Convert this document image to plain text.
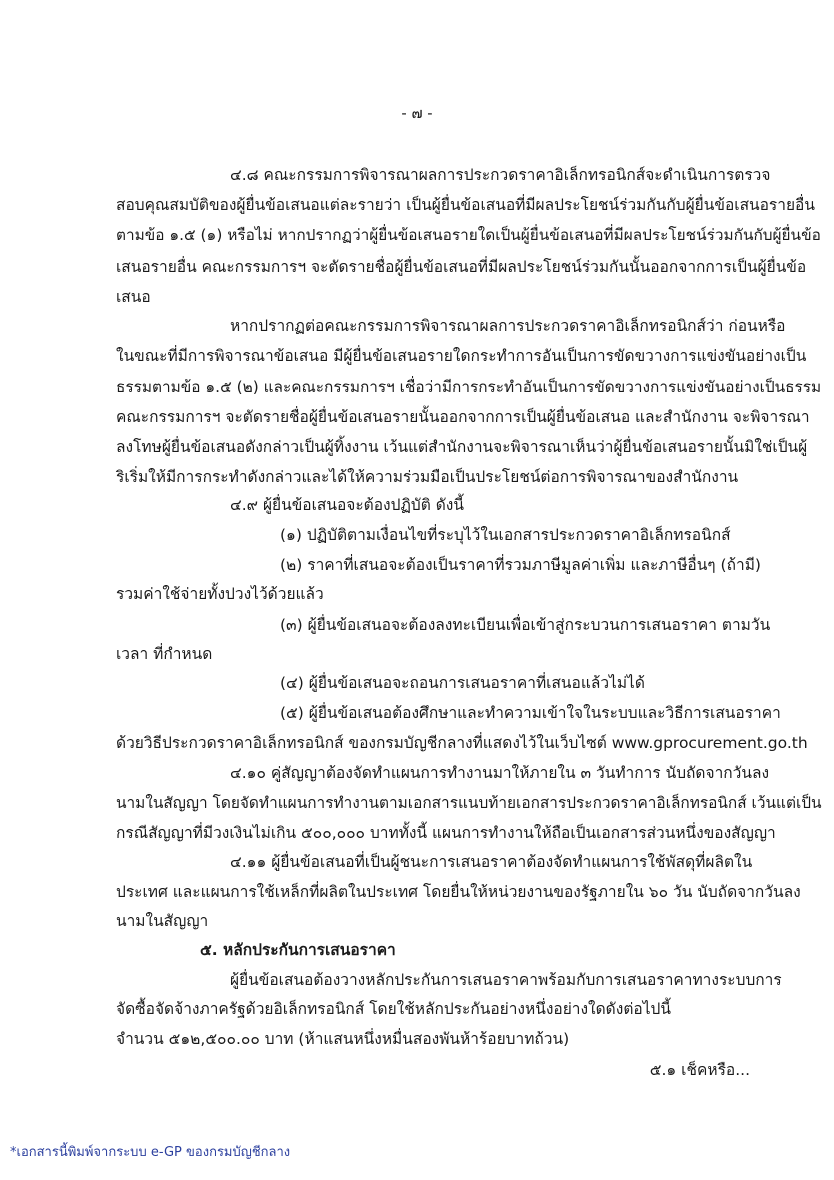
- ๗ -
๔.๘ คณะกรรมการพิจารณาผลการประกวดราคาอิเล็กทรอนิกส์จะดำเนินการตรวจ
สอบคุณสมบัติของผู้ยื่นข้อเสนอแต่ละรายว่า เป็นผู้ยื่นข้อเสนอที่มีผลประโยชน์ร่วมกันกับผู้ยื่นข้อเสนอรายอื่น
ตามข้อ ๑.๕ (๑) หรือไม่ หากปรากฏว่าผู้ยื่นข้อเสนอรายใดเป็นผู้ยื่นข้อเสนอที่มีผลประโยชน์ร่วมกันกับผู้ยื่นข้อ
เสนอรายอื่น คณะกรรมการฯ จะตัดรายชื่อผู้ยื่นข้อเสนอที่มีผลประโยชน์ร่วมกันนั้นออกจากการเป็นผู้ยื่นข้อ
เสนอ
หากปรากฏต่อคณะกรรมการพิจารณาผลการประกวดราคาอิเล็กทรอนิกส์ว่า ก่อนหรือ
ในขณะที่มีการพิจารณาข้อเสนอ มีผู้ยื่นข้อเสนอรายใดกระทำการอันเป็นการขัดขวางการแข่งขันอย่างเป็น
ธรรมตามข้อ ๑.๕ (๒) และคณะกรรมการฯ เชื่อว่ามีการกระทำอันเป็นการขัดขวางการแข่งขันอย่างเป็นธรรม
คณะกรรมการฯ จะตัดรายชื่อผู้ยื่นข้อเสนอรายนั้นออกจากการเป็นผู้ยื่นข้อเสนอ และสำนักงาน จะพิจารณา
ลงโทษผู้ยื่นข้อเสนอดังกล่าวเป็นผู้ทิ้งงาน เว้นแต่สำนักงานจะพิจารณาเห็นว่าผู้ยื่นข้อเสนอรายนั้นมิใช่เป็นผู้
ริเริ่มให้มีการกระทำดังกล่าวและได้ให้ความร่วมมือเป็นประโยชน์ต่อการพิจารณาของสำนักงาน
๔.๙ ผู้ยื่นข้อเสนอจะต้องปฏิบัติ ดังนี้
(๑) ปฏิบัติตามเงื่อนไขที่ระบุไว้ในเอกสารประกวดราคาอิเล็กทรอนิกส์
(๒) ราคาที่เสนอจะต้องเป็นราคาที่รวมภาษีมูลค่าเพิ่ม และภาษีอื่นๆ (ถ้ามี)
รวมค่าใช้จ่ายทั้งปวงไว้ด้วยแล้ว
(๓) ผู้ยื่นข้อเสนอจะต้องลงทะเบียนเพื่อเข้าสู่กระบวนการเสนอราคา ตามวัน
เวลา ที่กำหนด
(๔) ผู้ยื่นข้อเสนอจะถอนการเสนอราคาที่เสนอแล้วไม่ได้
(๕) ผู้ยื่นข้อเสนอต้องศึกษาและทำความเข้าใจในระบบและวิธีการเสนอราคา
ด้วยวิธีประกวดราคาอิเล็กทรอนิกส์ ของกรมบัญชีกลางที่แสดงไว้ในเว็บไซต์ www.gprocurement.go.th
๔.๑๐ คู่สัญญาต้องจัดทำแผนการทำงานมาให้ภายใน ๓ วันทำการ นับถัดจากวันลง
นามในสัญญา โดยจัดทำแผนการทำงานตามเอกสารแนบท้ายเอกสารประกวดราคาอิเล็กทรอนิกส์ เว้นแต่เป็น
กรณีสัญญาที่มีวงเงินไม่เกิน ๕๐๐,๐๐๐ บาททั้งนี้ แผนการทำงานให้ถือเป็นเอกสารส่วนหนึ่งของสัญญา
๔.๑๑ ผู้ยื่นข้อเสนอที่เป็นผู้ชนะการเสนอราคาต้องจัดทำแผนการใช้พัสดุที่ผลิตใน
ประเทศ และแผนการใช้เหล็กที่ผลิตในประเทศ โดยยื่นให้หน่วยงานของรัฐภายใน ๖๐ วัน นับถัดจากวันลง
นามในสัญญา
๕. หลักประกันการเสนอราคา
ผู้ยื่นข้อเสนอต้องวางหลักประกันการเสนอราคาพร้อมกับการเสนอราคาทางระบบการ
จัดซื้อจัดจ้างภาครัฐด้วยอิเล็กทรอนิกส์ โดยใช้หลักประกันอย่างหนึ่งอย่างใดดังต่อไปนี้
จำนวน ๕๑๒,๕๐๐.๐๐ บาท (ห้าแสนหนึ่งหมื่นสองพันห้าร้อยบาทถ้วน)
๕.๑ เช็คหรือ...
*เอกสารนี้พิมพ์จากระบบ e-GP ของกรมบัญชีกลาง
